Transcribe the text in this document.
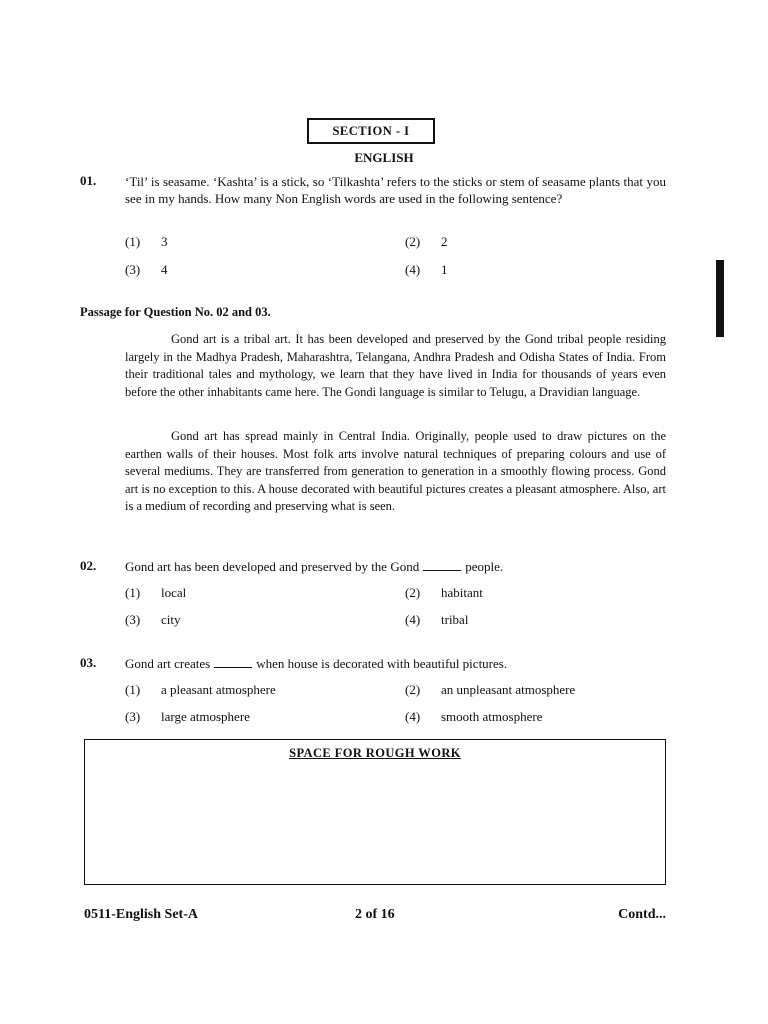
SECTION - I
ENGLISH
01. ‘Til’ is seasame. ‘Kashta’ is a stick, so ‘Tilkashta’ refers to the sticks or stem of seasame plants that you see in my hands. How many Non English words are used in the following sentence?
(1) 3	(2) 2
(3) 4	(4) 1
Passage for Question No. 02 and 03.
Gond art is a tribal art. It has been developed and preserved by the Gond tribal people residing largely in the Madhya Pradesh, Maharashtra, Telangana, Andhra Pradesh and Odisha States of India. From their traditional tales and mythology, we learn that they have lived in India for thousands of years even before the other inhabitants came here. The Gondi language is similar to Telugu, a Dravidian language.
Gond art has spread mainly in Central India. Originally, people used to draw pictures on the earthen walls of their houses. Most folk arts involve natural techniques of preparing colours and use of several mediums. They are transferred from generation to generation in a smoothly flowing process. Gond art is no exception to this. A house decorated with beautiful pictures creates a pleasant atmosphere. Also, art is a medium of recording and preserving what is seen.
02. Gond art has been developed and preserved by the Gond	people.
(1) local	(2) habitant
(3) city	(4) tribal
03. Gond art creates	when house is decorated with beautiful pictures.
(1) a pleasant atmosphere	(2) an unpleasant atmosphere
(3) large atmosphere	(4) smooth atmosphere
SPACE FOR ROUGH WORK
0511-English Set-A	2 of 16	Contd...
